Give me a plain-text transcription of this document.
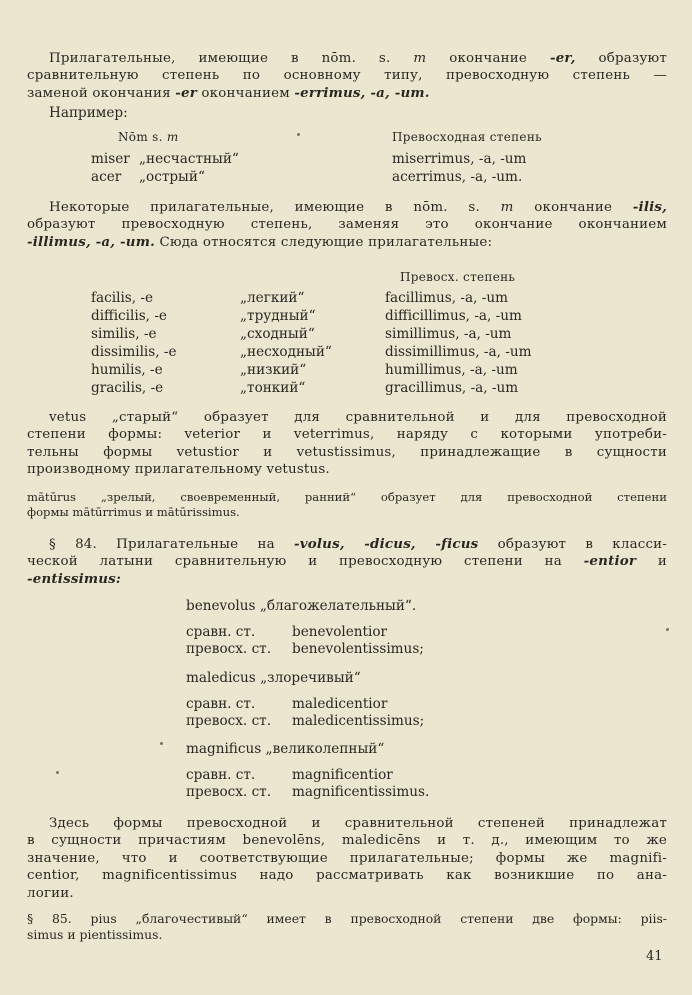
Прилагательные, имеющие в nōm. s. m окончание -er, образуют
сравнительную степень по основному типу, превосходную степень —
заменой окончания -er окончанием -errimus, -a, -um.
Например:
Nōm s. m	Превосходная степень
miser „несчастный“	miserrimus, -a, -um
acer „острый“	acerrimus, -a, -um.
Некоторые прилагательные, имеющие в nōm. s. m окончание -ilis,
образуют превосходную степень, заменяя это окончание окончанием
-illimus, -a, -um. Сюда относятся следующие прилагательные:
Превосх. степень
facilis, -e	„легкий“	facillimus, -a, -um
difficilis, -e	„трудный“	difficillimus, -a, -um
similis, -e	„сходный“	simillimus, -a, -um
dissimilis, -e	„несходный“	dissimillimus, -a, -um
humilis, -e	„низкий“	humillimus, -a, -um
gracilis, -e	„тонкий“	gracillimus, -a, -um
vetus „старый“ образует для сравнительной и для превосходной
степени формы: veterior и veterrimus, наряду с которыми употреби-
тельны формы vetustior и vetustissimus, принадлежащие в сущности
производному прилагательному vetustus.
mātūrus „зрелый, своевременный, ранний“ образует для превосходной степени
формы mātūrrimus и mātūrissimus.
§ 84. Прилагательные на -volus, -dicus, -ficus образуют в класси-
ческой латыни сравнительную и превосходную степени на -entior и
-entissimus:
benevolus „благожелательный“.
сравн. ст.	benevolentior
превосх. ст. benevolentissimus;
maledicus „злоречивый“
сравн. ст.	maledicentior
превосх. ст. maledicentissimus;
magnificus „великолепный“
сравн. ст.	magnificentior
превосх. ст. magnificentissimus.
Здесь формы превосходной и сравнительной степеней принадлежат
в сущности причастиям benevolēns, maledicēns и т. д., имеющим то же
значение, что и соответствующие прилагательные; формы же magnifi-
centior, magnificentissimus надо рассматривать как возникшие по ана-
логии.
§ 85. pius „благочестивый“ имеет в превосходной степени две формы: piis-
simus и pientissimus.
41
